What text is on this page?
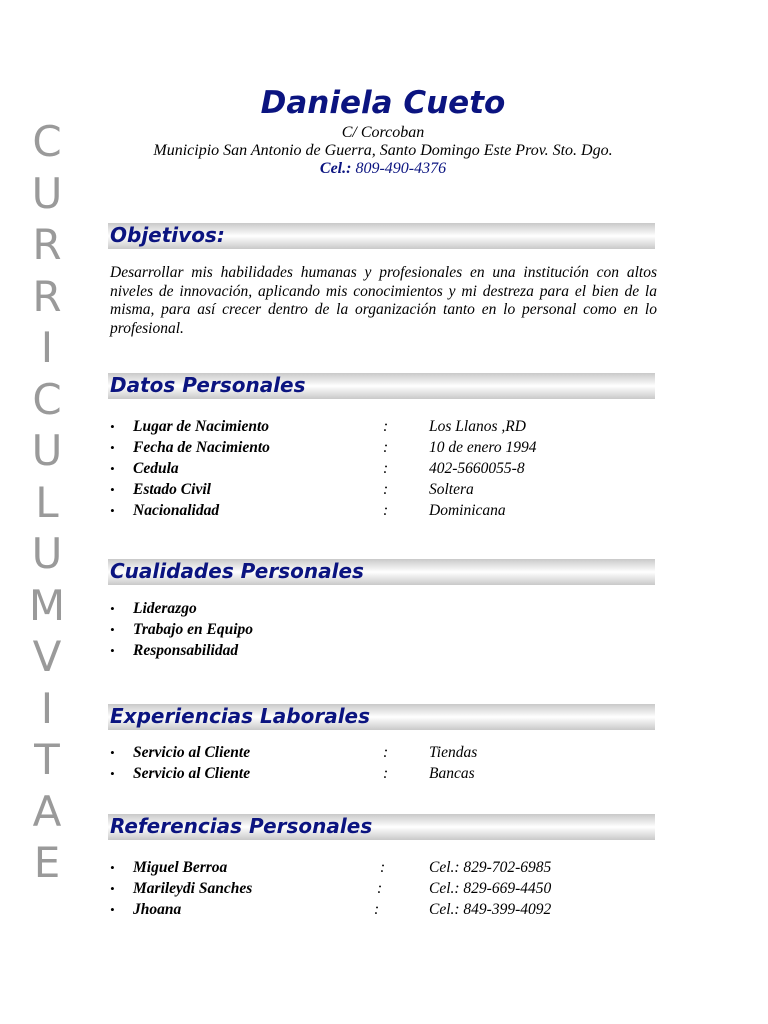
C
U
R
R
I
C
U
L
U
M
V
I
T
A
E
Daniela Cueto
C/ Corcoban
Municipio San Antonio de Guerra, Santo Domingo Este Prov. Sto. Dgo.
Cel.: 809-490-4376
Objetivos:
Desarrollar mis habilidades humanas y profesionales en una institución con altos niveles de innovación, aplicando mis conocimientos y mi destreza para el bien de la misma, para así crecer dentro de la organización tanto en lo personal como en lo profesional.
Datos Personales
• Lugar de Nacimiento	:	Los Llanos ,RD
• Fecha de Nacimiento	:	10 de enero 1994
• Cedula	:	402-5660055-8
• Estado Civil	:	Soltera
• Nacionalidad	:	Dominicana
Cualidades Personales
• Liderazgo
• Trabajo en Equipo
• Responsabilidad
Experiencias Laborales
• Servicio al Cliente	:	Tiendas
• Servicio al Cliente	:	Bancas
Referencias Personales
• Miguel Berroa	:	Cel.: 829-702-6985
• Marileydi Sanches	:	Cel.: 829-669-4450
• Jhoana	:	Cel.: 849-399-4092
